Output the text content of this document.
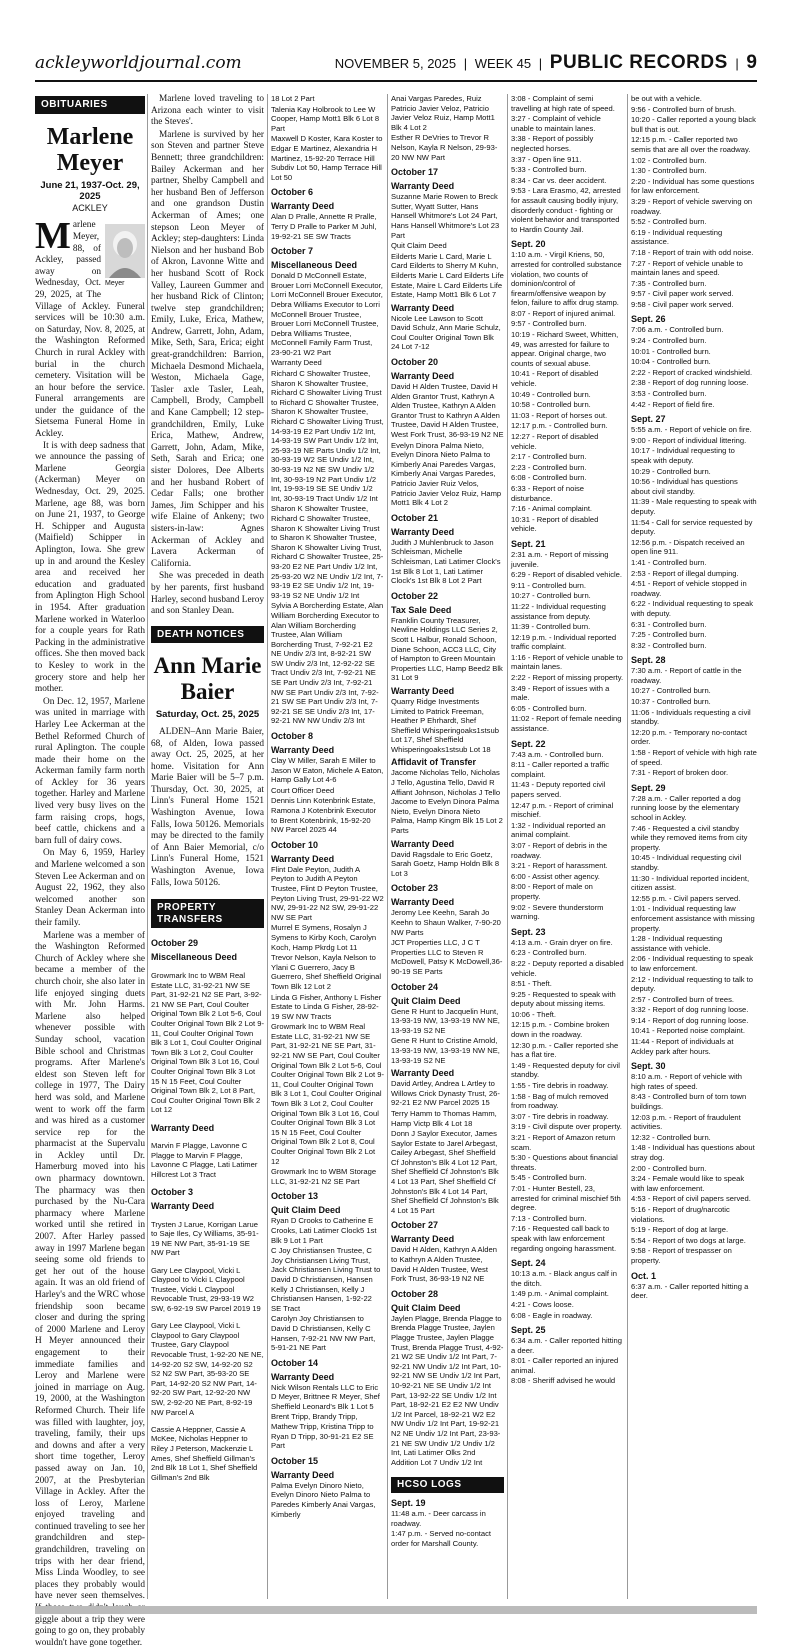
ackleyworldjournal.com	NOVEMBER 5, 2025 | WEEK 45 | PUBLIC RECORDS | 9
OBITUARIES
Marlene Meyer
June 21, 1937-Oct. 29, 2025
ACKLEY
Meyer
M arlene Meyer, 88, of Ackley, passed away on Wednesday, Oct. 29, 2025, at The Village of Ackley. Funeral services will be 10:30 a.m. on Saturday, Nov. 8, 2025, at the Washington Reformed Church in rural Ackley with burial in the church cemetery. Visitation will be an hour before the service. Funeral arrangements are under the guidance of the Sietsema Funeral Home in Ackley.

It is with deep sadness that we announce the passing of Marlene Georgia (Ackerman) Meyer on Wednesday, Oct. 29, 2025. Marlene, age 88, was born on June 21, 1937, to George H. Schipper and Augusta (Maifield) Schipper in Aplington, Iowa. She grew up in and around the Kesley area and received her education and graduated from Aplington High School in 1954. After graduation Marlene worked in Waterloo for a couple years for Rath Packing in the administrative offices. She then moved back to Kesley to work in the grocery store and help her mother.

On Dec. 12, 1957, Marlene was united in marriage with Harley Lee Ackerman at the Bethel Reformed Church of rural Aplington. The couple made their home on the Ackerman family farm north of Ackley for 36 years together. Harley and Marlene lived very busy lives on the farm raising crops, hogs, beef cattle, chickens and a barn full of dairy cows.

On May 6, 1959, Harley and Marlene welcomed a son Steven Lee Ackerman and on August 22, 1962, they also welcomed another son Stanley Dean Ackerman into their family.

Marlene was a member of the Washington Reformed Church of Ackley where she became a member of the church choir, she also later in life enjoyed singing duets with Mr. John Harms. Marlene also helped whenever possible with Sunday school, vacation Bible school and Christmas programs. After Marlene's eldest son Steven left for college in 1977, The Dairy herd was sold, and Marlene went to work off the farm and was hired as a customer service rep for the pharmacist at the Supervalu in Ackley until Dr. Hamerburg moved into his own pharmacy downtown. The pharmacy was then purchased by the Nu-Cara pharmacy where Marlene worked until she retired in 2007. After Harley passed away in 1997 Marlene began seeing some old friends to get her out of the house again. It was an old friend of Harley's and the WRC whose friendship soon became closer and during the spring of 2000 Marlene and Leroy H Meyer announced their engagement to their immediate families and Leroy and Marlene were joined in marriage on Aug. 19, 2000, at the Washington Reformed Church. Their life was filled with laughter, joy, traveling, family, their ups and downs and after a very short time together, Leroy passed away on Jan. 10, 2007, at the Presbyterian Village in Ackley. After the loss of Leroy, Marlene enjoyed traveling and continued traveling to see her grandchildren and step-grandchildren, traveling on trips with her dear friend, Miss Linda Woodley, to see places they probably would have never seen themselves. giggle about a trip they were going to go on, they probably wouldn't have gone together.

Marlene loved traveling to Arizona each winter to visit the Steves'.

Marlene is survived by her son Steven and partner Steve Bennett; three grandchildren: Bailey Ackerman and her partner, Shelby Campbell and her husband Ben of Jefferson and one grandson Dustin Ackerman of Ames; one stepson Leon Meyer of Ackley; step-daughters: Linda Nielson and her husband Bob of Akron, Lavonne Witte and her husband Scott of Rock Valley, Laureen Gummer and her husband Rick of Clinton; twelve step grandchildren; Emily, Luke, Erica, Mathew, Andrew, Garrett, John, Adam, Mike, Seth, Sara, Erica; eight great-grandchildren: Barrion, Michaela Desmond Michaela, Weston, Michaela Gage, Tasler axle Tasler, Leah, Campbell, Brody, Campbell and Kane Campbell; 12 step-grandchildren, Emily, Luke Erica, Mathew, Andrew, Garrett, John, Adam, Mike, Seth, Sarah and Erica; one sister Dolores, Dee Alberts and her husband Robert of Cedar Falls; one brother James, Jim Schipper and his wife Elaine of Ankeny; two sisters-in-law: Agnes Ackerman of Ackley and Lavera Ackerman of California.

She was preceded in death by her parents, first husband Harley, second husband Leroy and son Stanley Dean.

DEATH NOTICES
Ann Marie Baier
Saturday, Oct. 25, 2025

ALDEN–Ann Marie Baier, 68, of Alden, Iowa passed away Oct. 25, 2025, at her home. Visitation for Ann Marie Baier will be 5–7 p.m. Thursday, Oct. 30, 2025, at Linn's Funeral Home 1521 Washington Avenue, Iowa Falls, Iowa 50126. Memorials may be directed to the family of Ann Baier Memorial, c/o Linn's Funeral Home, 1521 Washington Avenue, Iowa Falls, Iowa 50126.

PROPERTY TRANSFERS
October 29
Miscellaneous Deed

Growmark Inc to WBM Real Estate LLC, 31-92-21 NW SE Part, 31-92-21 N2 SE Part, 3-92-21 NW SE Part, Coul Coulter Original Town Blk 2 Lot 5-6, Coul Coulter Original Town Blk 2 Lot 9-11, Coul Coulter Original Town Blk 3 Lot 1, Coul Coulter Original Town Blk 3 Lot 2, Coul Coulter Original Town Blk 3 Lot 16, Coul Coulter Original Town Blk 3 Lot 15 N 15 Feet, Coul Coulter Original Town Blk 2, Lot 8 Part, Coul Coulter Original Town Blk 2 Lot 12

Warranty Deed

Marvin F Plagge, Lavonne C Plagge to Marvin F Plagge, Lavonne C Plagge, Lati Latimer Hillcrest Lot 3 Tract

October 3
Warranty Deed

Trysten J Larue, Korrigan Larue to Saje Iles, Cy Williams, 35-91-19 NE NW Part, 35-91-19 SE NW Part

Gary Lee Claypool, Vicki L Claypool to Vicki L Claypool Trustee, Vicki L Claypool Revocable Trust, 29-93-19 W2 SW, 6-92-19 SW Parcel 2019 19

Gary Lee Claypool, Vicki L Claypool to Gary Claypool Trustee, Gary Claypool Revocable Trust, 1-92-20 NE NE, 14-92-20 S2 SW, 14-92-20 S2 S2 N2 SW Part, 35-93-20 SE Part, 14-92-20 S2 NW Part, 14-92-20 SW Part, 12-92-20 NW SW, 2-92-20 NE Part, 8-92-19 NW Parcel A

Cassie A Heppner, Cassie A McKee, Nicholas Heppner to Riley J Peterson, Mackenzie L Ames, Shef Sheffield Gillman's 2nd Blk 18 Lot 1, Shef Sheffield Gillman's 2nd Blk

18 Lot 2 Part

Talenia Kay Holbrook to Lee W Cooper, Hamp Mott1 Blk 6 Lot 8 Part

Maxwell D Koster, Kara Koster to Edgar E Martinez, Alexandria H Martinez, 15-92-20 Terrace Hill Subdiv Lot 50, Hamp Terrace Hill Lot 50

October 6
Warranty Deed

Alan D Pralle, Annette R Pralle, Terry D Pralle to Parker M Juhl, 19-92-21 SE SW Tracts

October 7
Miscellaneous Deed

Donald D McConnell Estate, Brouer Lorri McConnell Executor, Lorri McConnell Brouer Executor, Debra Williams Executor to Lorri McConnell Brouer Trustee, Brouer Lorri McConnell Trustee, Debra Williams Trustee, McConnell Family Farm Trust, 23-90-21 W2 Part

Warranty Deed

Richard C Showalter Trustee, Sharon K Showalter Trustee, Richard C Showalter Living Trust to Richard C Showalter Trustee, Sharon K Showalter Trustee, Richard C Showalter Living Trust, 14-93-19 E2 Part Undiv 1/2 Int, 14-93-19 SW Part Undiv 1/2 Int, 25-93-19 NE Parts Undiv 1/2 Int, 30-93-19 W2 SE Undiv 1/2 Int, 30-93-19 N2 NE SW Undiv 1/2 Int, 30-93-19 N2 Part Undiv 1/2 Int, 19-93-19 SE SE Undiv 1/2 Int, 30-93-19 Tract Undiv 1/2 Int

Sharon K Showalter Trustee, Richard C Showalter Trustee, Sharon K Showalter Living Trust to Sharon K Showalter Trustee, Sharon K Showalter Living Trust, Richard C Showalter Trustee, 25-93-20 E2 NE Part Undiv 1/2 Int, 25-93-20 W2 NE Undiv 1/2 Int, 7-93-19 E2 SE Undiv 1/2 Int, 19-93-19 S2 NE Undiv 1/2 Int

Sylvia A Borcherding Estate, Alan William Borcherding Executor to Alan William Borcherding Trustee, Alan William Borcherding Trust, 7-92-21 E2 NE Undiv 2/3 Int, 8-92-21 SW SW Undiv 2/3 Int, 12-92-22 SE Tract Undiv 2/3 Int, 7-92-21 NE SE Part Undiv 2/3 Int, 7-92-21 NW SE Part Undiv 2/3 Int, 7-92-21 SW SE Part Undiv 2/3 Int, 7-92-21 SE SE Undiv 2/3 Int, 17-92-21 NW NW Undiv 2/3 Int

October 8
Warranty Deed

Clay W Miller, Sarah E Miller to Jason W Eaton, Michele A Eaton, Hamp Gally Lot 4-6

Court Officer Deed

Dennis Linn Kotenbrink Estate, Ramona J Kotenbrink Executor to Brent Kotenbrink, 15-92-20 NW Parcel 2025 44

October 10
Warranty Deed

Flint Dale Peyton, Judith A Peyton to Judith A Peyton Trustee, Flint D Peyton Trustee, Peyton Living Trust, 29-91-22 W2 NW, 29-91-22 N2 SW, 29-91-22 NW SE Part

Murrel E Symens, Rosalyn J Symens to Kirby Koch, Carolyn Koch, Hamp Pkrdg Lot 11

Trevor Nelson, Kayla Nelson to Ylani C Guerrero, Jacy B Guerrero, Shef Sheffield Original Town Blk 12 Lot 2

Linda G Fisher, Anthony L Fisher Estate to Linda G Fisher, 28-92-19 SW NW Tracts

Growmark Inc to WBM Real Estate LLC, 31-92-21 NW SE Part, 31-92-21 NE SE Part, 31-92-21 NW SE Part, Coul Coulter Original Town Blk 2 Lot 5-6, Coul Coulter Original Town Blk 2 Lot 9-11, Coul Coulter Original Town Blk 3 Lot 1, Coul Coulter Original Town Blk 3 Lot 2, Coul Coulter Original Town Blk 3 Lot 16, Coul Coulter Original Town Blk 3 Lot 15 N 15 Feet, Coul Coulter Original Town Blk 2 Lot 8, Coul Coulter Original Town Blk 2 Lot 12

Growmark Inc to WBM Storage LLC, 31-92-21 N2 SE Part

October 13
Quit Claim Deed

Ryan D Crooks to Catherine E Crooks, Lati Latimer Clock5 1st Blk 9 Lot 1 Part

C Joy Christiansen Trustee, C Joy Christiansen Living Trust, Jack Christiansen Living Trust to David D Christiansen, Hansen Kelly J Christiansen, Kelly J Christiansen Hansen, 1-92-22 SE Tract

Carolyn Joy Christiansen to David D Christiansen, Kelly C Hansen, 7-92-21 NW NW Part, 5-91-21 NE Part

October 14
Warranty Deed

Nick Wilson Rentals LLC to Eric D Meyer, Brittnee R Meyer, Shef Sheffield Leonard's Blk 1 Lot 5

Brent Tripp, Brandy Tripp, Mathew Tripp, Kristina Tripp to Ryan D Tripp, 30-91-21 E2 SE Part

October 15
Warranty Deed

Palma Evelyn Dinoro Nieto, Evelyn Dinoro Nieto Palma to Paredes Kimberly Anai Vargas, Kimberly

Anai Vargas Paredes, Ruiz Patricio Javier Veloz, Patricio Javier Veloz Ruiz, Hamp Mott1 Blk 4 Lot 2

Esther R DeVries to Trevor R Nelson, Kayla R Nelson, 29-93-20 NW NW Part

October 17
Warranty Deed

Suzanne Marie Rowen to Breck Sutter, Wyatt Sutter, Hans Hansell Whitmore's Lot 24 Part, Hans Hansell Whitmore's Lot 23 Part

Quit Claim Deed

Eilderts Marie L Card, Marie L Card Eilderts to Sherry M Kuhn, Eilderts Marie L Card Eilderts Life Estate, Maire L Card Eilderts Life Estate, Hamp Mott1 Blk 6 Lot 7

Warranty Deed

Nicole Lee Lawson to Scott David Schulz, Ann Marie Schulz, Coul Coulter Original Town Blk 24 Lot 7-12

October 20
Warranty Deed

David H Alden Trustee, David H Alden Grantor Trust, Kathryn A Alden Trustee, Kathryn A Alden Grantor Trust to Kathryn A Alden Trustee, David H Alden Trustee, West Fork Trust, 36-93-19 N2 NE

Evelyn Dinora Palma Nieto, Evelyn Dinora Nieto Palma to Kimberly Anai Paredes Vargas, Kimberly Anai Vargas Paredes, Patricio Javier Ruiz Velos, Patricio Javier Veloz Ruiz, Hamp Mott1 Blk 4 Lot 2

October 21
Warranty Deed

Judith J Muhlenbruck to Jason Schleisman, Michelle Schleisman, Lati Latimer Clock's 1st Blk 8 Lot 1, Lati Latimer Clock's 1st Blk 8 Lot 2 Part

October 22
Tax Sale Deed

Franklin County Treasurer, Newline Holdings LLC Series 2, Scott L Halbur, Ronald Schoon, Diane Schoon, ACC3 LLC, City of Hampton to Green Mountain Properties LLC, Hamp Beed2 Blk 31 Lot 9

Warranty Deed

Quarry Ridge Investments Limited to Patrick Freeman, Heather P Ehrhardt, Shef Sheffield Whisperingoaks1stsub Lot 17, Shef Sheffield Whisperingoaks1stsub Lot 18

Affidavit of Transfer

Jacome Nicholas Tello, Nicholas J Tello, Agustina Tello, David R Affiant Johnson, Nicholas J Tello Jacome to Evelyn Dinora Palma Nieto, Evelyn Dinora Nieto Palma, Hamp Kingm Blk 15 Lot 2 Parts

Warranty Deed

David Ragsdale to Eric Goetz, Sarah Goetz, Hamp Holdn Blk 8 Lot 3

October 23
Warranty Deed

Jeromy Lee Keehn, Sarah Jo Keehn to Shaun Walker, 7-90-20 NW Parts

JCT Properties LLC, J C T Properties LLC to Steven R McDowell, Patsy K McDowell,36-90-19 SE Parts

October 24
Quit Claim Deed

Gene R Hunt to Jacquelin Hunt, 13-93-19 NW, 13-93-19 NW NE, 13-93-19 S2 NE

Gene R Hunt to Cristine Arnold, 13-93-19 NW, 13-93-19 NW NE, 13-93-19 S2 NE

Warranty Deed

David Artley, Andrea L Artley to Willows Crick Dynasty Trust, 26-92-21 E2 NW Parcel 2025 15

Terry Hamm to Thomas Hamm, Hamp Victp Blk 4 Lot 18

Donn J Saylor Executor, James Saylor Estate to Jarel Arbegast, Cailey Arbegast, Shef Sheffield Cf Johnston's Blk 4 Lot 12 Part, Shef Sheffield Cf Johnston's Blk 4 Lot 13 Part, Shef Sheffield Cf Johnston's Blk 4 Lot 14 Part, Shef Sheffield Cf Johnston's Blk 4 Lot 15 Part

October 27
Warranty Deed

David H Alden, Kathryn A Alden to Kathryn A Alden Trustee, David H Alden Trustee, West Fork Trust, 36-93-19 N2 NE

October 28
Quit Claim Deed

Jaylen Plagge, Brenda Plagge to Brenda Plagge Trustee, Jaylen Plagge Trustee, Jaylen Plagge Trust, Brenda Plagge Trust, 4-92-21 W2 SE Undiv 1/2 Int Part, 7-92-21 NW Undiv 1/2 Int Part, 10-92-21 NW SE Undiv 1/2 Int Part, 10-92-21 NE SE Undiv 1/2 Int Part, 13-92-22 SE Undiv 1/2 Int Part, 18-92-21 E2 E2 NW Undiv 1/2 Int Parcel, 18-92-21 W2 E2 NW Undiv 1/2 Int Part, 19-92-21 N2 NE Undiv 1/2 Int Part, 23-93-21 NE SW Undiv 1/2 Undiv 1/2 Int, Lati Latimer Olks 2nd Addition Lot 7 Undiv 1/2 Int

HCSO LOGS
Sept. 19

11:48 a.m. - Deer carcass in roadway.

1:47 p.m. - Served no-contact order for Marshall County.

3:08 - Complaint of semi travelling at high rate of speed.

3:27 - Complaint of vehicle unable to maintain lanes.

3:38 - Report of possibly neglected horses.

3:37 - Open line 911.

5:33 - Controlled burn.

8:34 - Car vs. deer accident.

9:53 - Lara Erasmo, 42, arrested for assault causing bodily injury, disorderly conduct - fighting or violent behavior and transported to Hardin County Jail.

Sept. 20

1:10 a.m. - Virgil Kriens, 50, arrested for controlled substance violation, two counts of dominion/control of firearm/offensive weapon by felon, failure to affix drug stamp.

8:07 - Report of injured animal.

9:57 - Controlled burn.

10:19 - Richard Sweet, Whitten, 49, was arrested for failure to appear. Original charge, two counts of sexual abuse.

10:41 - Report of disabled vehicle.

10:49 - Controlled burn.

10:58 - Controlled burn.

11:03 - Report of horses out.

12:17 p.m. - Controlled burn.

12:27 - Report of disabled vehicle.

2:17 - Controlled burn.

2:23 - Controlled burn.

6:08 - Controlled burn.

6:33 - Report of noise disturbance.

7:16 - Animal complaint.

10:31 - Report of disabled vehicle.

Sept. 21

2:31 a.m. - Report of missing juvenile.

6:29 - Report of disabled vehicle.

9:11 - Controlled burn.

10:27 - Controlled burn.

11:22 - Individual requesting assistance from deputy.

11:39 - Controlled burn.

12:19 p.m. - Individual reported traffic complaint.

1:16 - Report of vehicle unable to maintain lanes.

2:22 - Report of missing property.

3:49 - Report of issues with a male.

6:05 - Controlled burn.

11:02 - Report of female needing assistance.

Sept. 22

7:43 a.m. - Controlled burn.

8:11 - Caller reported a traffic complaint.

11:43 - Deputy reported civil papers served.

12:47 p.m. - Report of criminal mischief.

1:32 - Individual reported an animal complaint.

3:07 - Report of debris in the roadway.

3:21 - Report of harassment.

6:00 - Assist other agency.

8:00 - Report of male on property.

9:02 - Severe thunderstorm warning.

Sept. 23

4:13 a.m. - Grain dryer on fire.

6:23 - Controlled burn.

8:22 - Deputy reported a disabled vehicle.

8:51 - Theft.

9:25 - Requested to speak with deputy about missing items.

10:06 - Theft.

12:15 p.m. - Combine broken down in the roadway.

12:30 p.m. - Caller reported she has a flat tire.

1:49 - Requested deputy for civil standby.

1:55 - Tire debris in roadway.

1:58 - Bag of mulch removed from roadway.

3:07 - Tire debris in roadway.

3:19 - Civil dispute over property.

3:21 - Report of Amazon return scam.

5:30 - Questions about financial threats.

5:45 - Controlled burn.

7:01 - Hunter Bestell, 23, arrested for criminal mischief 5th degree.

7:13 - Controlled burn.

7:16 - Requested call back to speak with law enforcement regarding ongoing harassment.

Sept. 24

10:13 a.m. - Black angus calf in the ditch.

1:49 p.m. - Animal complaint.

4:21 - Cows loose.

6:08 - Eagle in roadway.

Sept. 25

6:34 a.m. - Caller reported hitting a deer.

8:01 - Caller reported an injured animal.

8:08 - Sheriff advised he would

be out with a vehicle.

9:56 - Controlled burn of brush.

10:20 - Caller reported a young black bull that is out.

12:15 p.m. - Caller reported two semis that are all over the roadway.

1:02 - Controlled burn.

1:30 - Controlled burn.

2:20 - Individual has some questions for law enforcement.

3:29 - Report of vehicle swerving on roadway.

5:52 - Controlled burn.

6:19 - Individual requesting assistance.

7:18 - Report of train with odd noise.

7:27 - Report of vehicle unable to maintain lanes and speed.

7:35 - Controlled burn.

9:57 - Civil paper work served.

9:58 - Civil paper work served.

Sept. 26

7:06 a.m. - Controlled burn.

9:24 - Controlled burn.

10:01 - Controlled burn.

10:04 - Controlled burn.

2:22 - Report of cracked windshield.

2:38 - Report of dog running loose.

3:53 - Controlled burn.

4:42 - Report of field fire.

Sept. 27

5:55 a.m. - Report of vehicle on fire.

9:00 - Report of individual littering.

10:17 - Individual requesting to speak with deputy.

10:29 - Controlled burn.

10:56 - Individual has questions about civil standby.

11:39 - Male requesting to speak with deputy.

11:54 - Call for service requested by deputy.

12:56 p.m. - Dispatch received an open line 911.

1:41 - Controlled burn.

2:53 - Report of illegal dumping.

4:51 - Report of vehicle stopped in roadway.

6:22 - Individual requesting to speak with deputy.

6:31 - Controlled burn.

7:25 - Controlled burn.

8:32 - Controlled burn.

Sept. 28

7:30 a.m. - Report of cattle in the roadway.

10:27 - Controlled burn.

10:37 - Controlled burn.

11:06 - Individuals requesting a civil standby.

12:20 p.m. - Temporary no-contact order.

1:58 - Report of vehicle with high rate of speed.

7:31 - Report of broken door.

Sept. 29

7:28 a.m. - Caller reported a dog running loose by the elementary school in Ackley.

7:46 - Requested a civil standby while they removed items from city property.

10:45 - Individual requesting civil standby.

11:30 - Individual reported incident, citizen assist.

12:55 p.m. - Civil papers served.

1:01 - Individual requesting law enforcement assistance with missing property.

1:28 - Individual requesting assistance with vehicle.

2:06 - Individual requesting to speak to law enforcement.

2:12 - Individual requesting to talk to deputy.

2:57 - Controlled burn of trees.

3:32 - Report of dog running loose.

9:14 - Report of dog running loose.

10:41 - Reported noise complaint.

11:44 - Report of individuals at Ackley park after hours.

Sept. 30

8:10 a.m. - Report of vehicle with high rates of speed.

8:43 - Controlled burn of torn town buildings.

12:03 p.m. - Report of fraudulent activities.

12:32 - Controlled burn.

1:48 - Individual has questions about stray dog.

2:00 - Controlled burn.

3:24 - Female would like to speak with law enforcement.

4:53 - Report of civil papers served.

5:16 - Report of drug/narcotic violations.

5:19 - Report of dog at large.

5:54 - Report of two dogs at large.

9:58 - Report of trespasser on property.

Oct. 1

6:37 a.m. - Caller reported hitting a deer.
